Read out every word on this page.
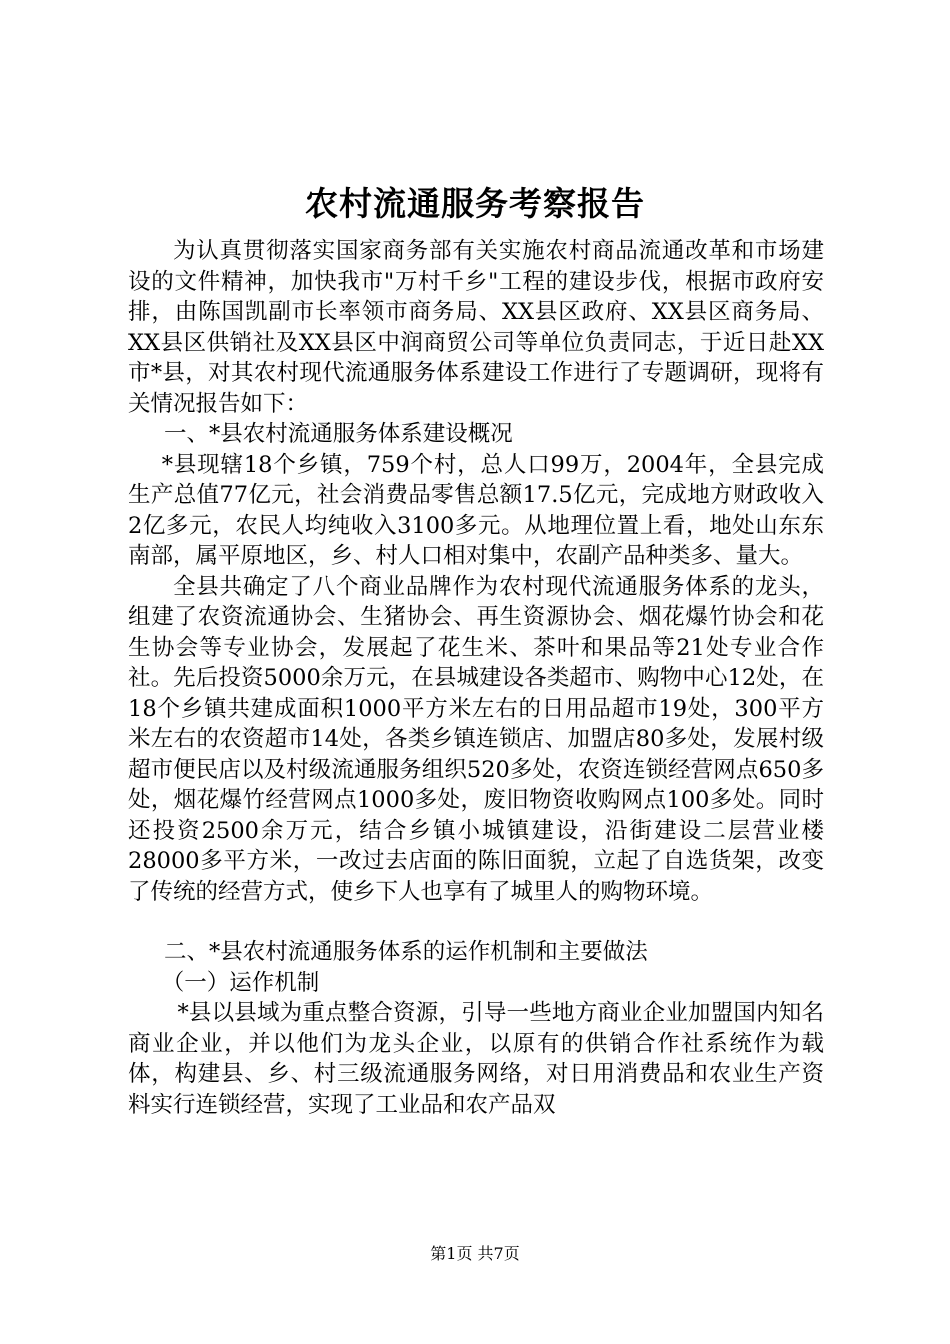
农村流通服务考察报告

为认真贯彻落实国家商务部有关实施农村商品流通改革和市场建设的文件精神，加快我市"万村千乡"工程的建设步伐，根据市政府安排，由陈国凯副市长率领市商务局、XX县区政府、XX县区商务局、XX县区供销社及XX县区中润商贸公司等单位负责同志，于近日赴XX市*县，对其农村现代流通服务体系建设工作进行了专题调研，现将有关情况报告如下：

一、*县农村流通服务体系建设概况

*县现辖18个乡镇，759个村，总人口99万，2004年，全县完成生产总值77亿元，社会消费品零售总额17.5亿元，完成地方财政收入2亿多元，农民人均纯收入3100多元。从地理位置上看，地处山东东南部，属平原地区，乡、村人口相对集中，农副产品种类多、量大。

全县共确定了八个商业品牌作为农村现代流通服务体系的龙头，组建了农资流通协会、生猪协会、再生资源协会、烟花爆竹协会和花生协会等专业协会，发展起了花生米、茶叶和果品等21处专业合作社。先后投资5000余万元，在县城建设各类超市、购物中心12处，在18个乡镇共建成面积1000平方米左右的日用品超市19处，300平方米左右的农资超市14处，各类乡镇连锁店、加盟店80多处，发展村级超市便民店以及村级流通服务组织520多处，农资连锁经营网点650多处，烟花爆竹经营网点1000多处，废旧物资收购网点100多处。同时还投资2500余万元，结合乡镇小城镇建设，沿街建设二层营业楼28000多平方米，一改过去店面的陈旧面貌，立起了自选货架，改变了传统的经营方式，使乡下人也享有了城里人的购物环境。

二、*县农村流通服务体系的运作机制和主要做法

（一）运作机制

*县以县域为重点整合资源，引导一些地方商业企业加盟国内知名商业企业，并以他们为龙头企业，以原有的供销合作社系统作为载体，构建县、乡、村三级流通服务网络，对日用消费品和农业生产资料实行连锁经营，实现了工业品和农产品双

第1页 共7页
